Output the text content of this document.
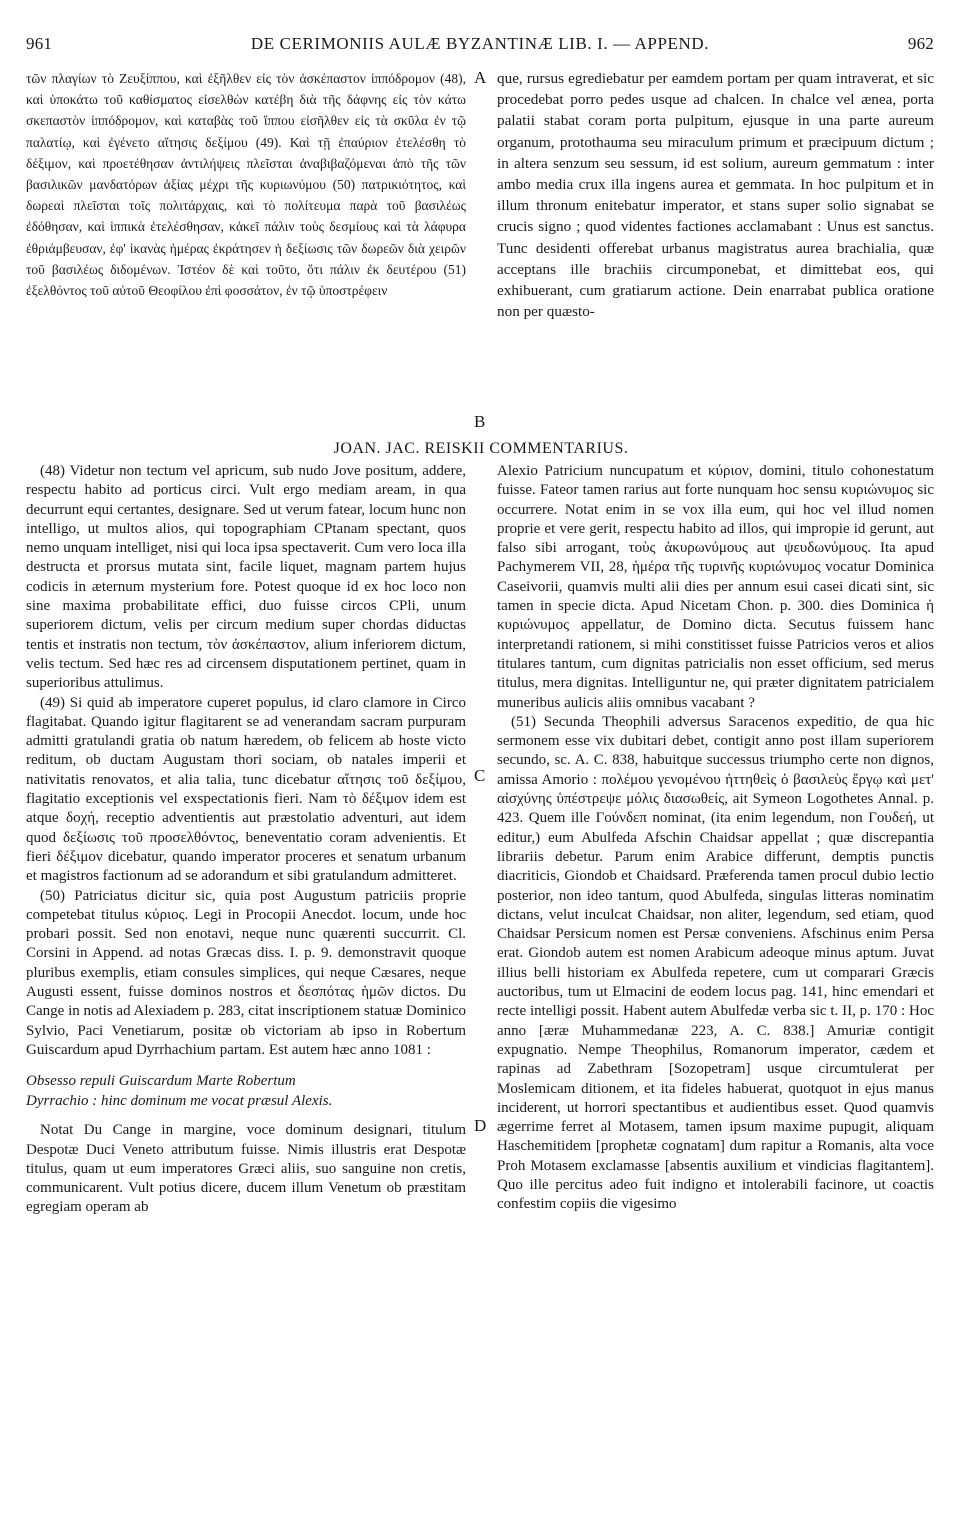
961	DE CERIMONIIS AULÆ BYZANTINÆ LIB. I. — APPEND.	962

τῶν πλαγίων τὸ Ζευξίππου, καὶ ἐξῆλθεν εἰς τὸν ἀσκέπαστον ἱππόδρομον (48), καὶ ὑποκάτω τοῦ καθίσματος εἰσελθὼν κατέβη διὰ τῆς δάφνης εἰς τὸν κάτω σκεπαστὸν ἱππόδρομον, καὶ καταβὰς τοῦ ἵππου εἰσῆλθεν εἰς τὰ σκῦλα ἐν τῷ παλατίῳ, καὶ ἐγένετο αἴτησις δεξίμου (49). Καὶ τῇ ἐπαύριον ἐτελέσθη τὸ δέξιμον, καὶ προετέθησαν ἀντιλήψεις πλεῖσται ἀναβιβαζόμεναι ἀπὸ τῆς τῶν βασιλικῶν μανδατόρων ἀξίας μέχρι τῆς κυριωνύμου (50) πατρικιότητος, καὶ δωρεαὶ πλεῖσται τοῖς πολιτάρχαις, καὶ τὸ πολίτευμα παρὰ τοῦ βασιλέως ἐδόθησαν, καὶ ἱππικὰ ἐτελέσθησαν, κἀκεῖ πάλιν τοὺς δεσμίους καὶ τὰ λάφυρα ἐθριάμβευσαν, ἐφ' ἱκανὰς ἡμέρας ἐκράτησεν ἡ δεξίωσις τῶν δωρεῶν διὰ χειρῶν τοῦ βασιλέως διδομένων. Ἰστέον δὲ καὶ τοῦτο, ὅτι πάλιν ἐκ δευτέρου (51) ἐξελθόντος τοῦ αὐτοῦ Θεοφίλου ἐπὶ φοσσάτον, ἐν τῷ ὑποστρέφειν

que, rursus egrediebatur per eamdem portam per quam intraverat, et sic procedebat porro pedes usque ad chalcen. In chalce vel ænea, porta palatii stabat coram porta pulpitum, ejusque in una parte aureum organum, protothauma seu miraculum primum et præcipuum dictum ; in altera senzum seu sessum, id est solium, aureum gemmatum : inter ambo media crux illa ingens aurea et gemmata. In hoc pulpitum et in illum thronum enitebatur imperator, et stans super solio signabat se crucis signo ; quod videntes factiones acclamabant : Unus est sanctus. Tunc desidenti offerebat urbanus magistratus aurea brachialia, quæ acceptans ille brachiis circumponebat, et dimittebat eos, qui exhibuerant, cum gratiarum actione. Dein enarrabat publica oratione non per quæsto-

A
B
C
D
JOAN. JAC. REISKII COMMENTARIUS.

(48) Videtur non tectum vel apricum, sub nudo Jove positum, addere, respectu habito ad porticus circi. Vult ergo mediam aream, in qua decurrunt equi certantes, designare. Sed ut verum fatear, locum hunc non intelligo, ut multos alios, qui topographiam CPtanam spectant, quos nemo unquam intelliget, nisi qui loca ipsa spectaverit. Cum vero loca illa destructa et prorsus mutata sint, facile liquet, magnam partem hujus codicis in æternum mysterium fore. Potest quoque id ex hoc loco non sine maxima probabilitate effici, duo fuisse circos CPli, unum superiorem dictum, velis per circum medium super chordas diductas tentis et instratis non tectum, τὸν ἀσκέπαστον, alium inferiorem dictum, velis tectum. Sed hæc res ad circensem disputationem pertinet, quam in superioribus attulimus.

(49) Si quid ab imperatore cuperet populus, id claro clamore in Circo flagitabat. Quando igitur flagitarent se ad venerandam sacram purpuram admitti gratulandi gratia ob natum hæredem, ob felicem ab hoste victo reditum, ob ductam Augustam thori sociam, ob natales imperii et nativitatis renovatos, et alia talia, tunc dicebatur αἴτησις τοῦ δεξίμου, flagitatio exceptionis vel exspectationis fieri. Nam τὸ δέξιμον idem est atque δοχή, receptio adventientis aut præstolatio adventuri, aut idem quod δεξίωσις τοῦ προσελθόντος, beneventatio coram advenientis. Et fieri δέξιμον dicebatur, quando imperator proceres et senatum urbanum et magistros factionum ad se adorandum et sibi gratulandum admitteret.

(50) Patriciatus dicitur sic, quia post Augustum patriciis proprie competebat titulus κύριος. Legi in Procopii Anecdot. locum, unde hoc probari possit. Sed non enotavi, neque nunc quærenti succurrit. Cl. Corsini in Append. ad notas Græcas diss. I. p. 9. demonstravit quoque pluribus exemplis, etiam consules simplices, qui neque Cæsares, neque Augusti essent, fuisse dominos nostros et δεσπότας ἡμῶν dictos. Du Cange in notis ad Alexiadem p. 283, citat inscriptionem statuæ Dominico Sylvio, Paci Venetiarum, positæ ob victoriam ab ipso in Robertum Guiscardum apud Dyrrhachium partam. Est autem hæc anno 1081 :

Obsesso repuli Guiscardum Marte Robertum
Dyrrachio : hinc dominum me vocat præsul Alexis.

Notat Du Cange in margine, voce dominum designari, titulum Despotæ Duci Veneto attributum fuisse. Nimis illustris erat Despotæ titulus, quam ut eum imperatores Græci aliis, suo sanguine non cretis, communicarent. Vult potius dicere, ducem illum Venetum ob præstitam egregiam operam ab

Alexio Patricium nuncupatum et κύριον, domini, titulo cohonestatum fuisse. Fateor tamen rarius aut forte nunquam hoc sensu κυριώνυμος sic occurrere. Notat enim in se vox illa eum, qui hoc vel illud nomen proprie et vere gerit, respectu habito ad illos, qui impropie id gerunt, aut falso sibi arrogant, τοὺς ἀκυρωνύμους aut ψευδωνύμους. Ita apud Pachymerem VII, 28, ἡμέρα τῆς τυρινῆς κυριώνυμος vocatur Dominica Caseivorii, quamvis multi alii dies per annum esui casei dicati sint, sic tamen in specie dicta. Apud Nicetam Chon. p. 300. dies Dominica ἡ κυριώνυμος appellatur, de Domino dicta. Secutus fuissem hanc interpretandi rationem, si mihi constitisset fuisse Patricios veros et alios titulares tantum, cum dignitas patricialis non esset officium, sed merus titulus, mera dignitas. Intelliguntur ne, qui præter dignitatem patricialem muneribus aulicis aliis omnibus vacabant ?

(51) Secunda Theophili adversus Saracenos expeditio, de qua hic sermonem esse vix dubitari debet, contigit anno post illam superiorem secundo, sc. A. C. 838, habuitque successus triumpho certe non dignos, amissa Amorio : πολέμου γενομένου ἡττηθεὶς ὁ βασιλεὺς ἔργῳ καὶ μετ' αἰσχύνης ὑπέστρεψε μόλις διασωθείς, ait Symeon Logothetes Annal. p. 423. Quem ille Γούνδεπ nominat, (ita enim legendum, non Γουδεή, ut editur,) eum Abulfeda Afschin Chaidsar appellat ; quæ discrepantia librariis debetur. Parum enim Arabice differunt, demptis punctis diacriticis, Giondob et Chaidsard. Præferenda tamen procul dubio lectio posterior, non ideo tantum, quod Abulfeda, singulas litteras nominatim dictans, velut inculcat Chaidsar, non aliter, legendum, sed etiam, quod Chaidsar Persicum nomen est Persæ conveniens. Afschinus enim Persa erat. Giondob autem est nomen Arabicum adeoque minus aptum. Juvat illius belli historiam ex Abulfeda repetere, cum ut comparari Græcis auctoribus, tum ut Elmacini de eodem locus pag. 141, hinc emendari et recte intelligi possit. Habent autem Abulfedæ verba sic t. II, p. 170 : Hoc anno [æræ Muhammedanæ 223, A. C. 838.] Amuriæ contigit expugnatio. Nempe Theophilus, Romanorum imperator, cædem et rapinas ad Zabethram [Sozopetram] usque circumtulerat per Moslemicam ditionem, et ita fideles habuerat, quotquot in ejus manus inciderent, ut horrori spectantibus et audientibus esset. Quod quamvis ægerrime ferret al Motasem, tamen ipsum maxime pupugit, aliquam Haschemitidem [prophetæ cognatam] dum rapitur a Romanis, alta voce Proh Motasem exclamasse [absentis auxilium et vindicias flagitantem]. Quo ille percitus adeo fuit indigno et intolerabili facinore, ut coactis confestim copiis die vigesimo
